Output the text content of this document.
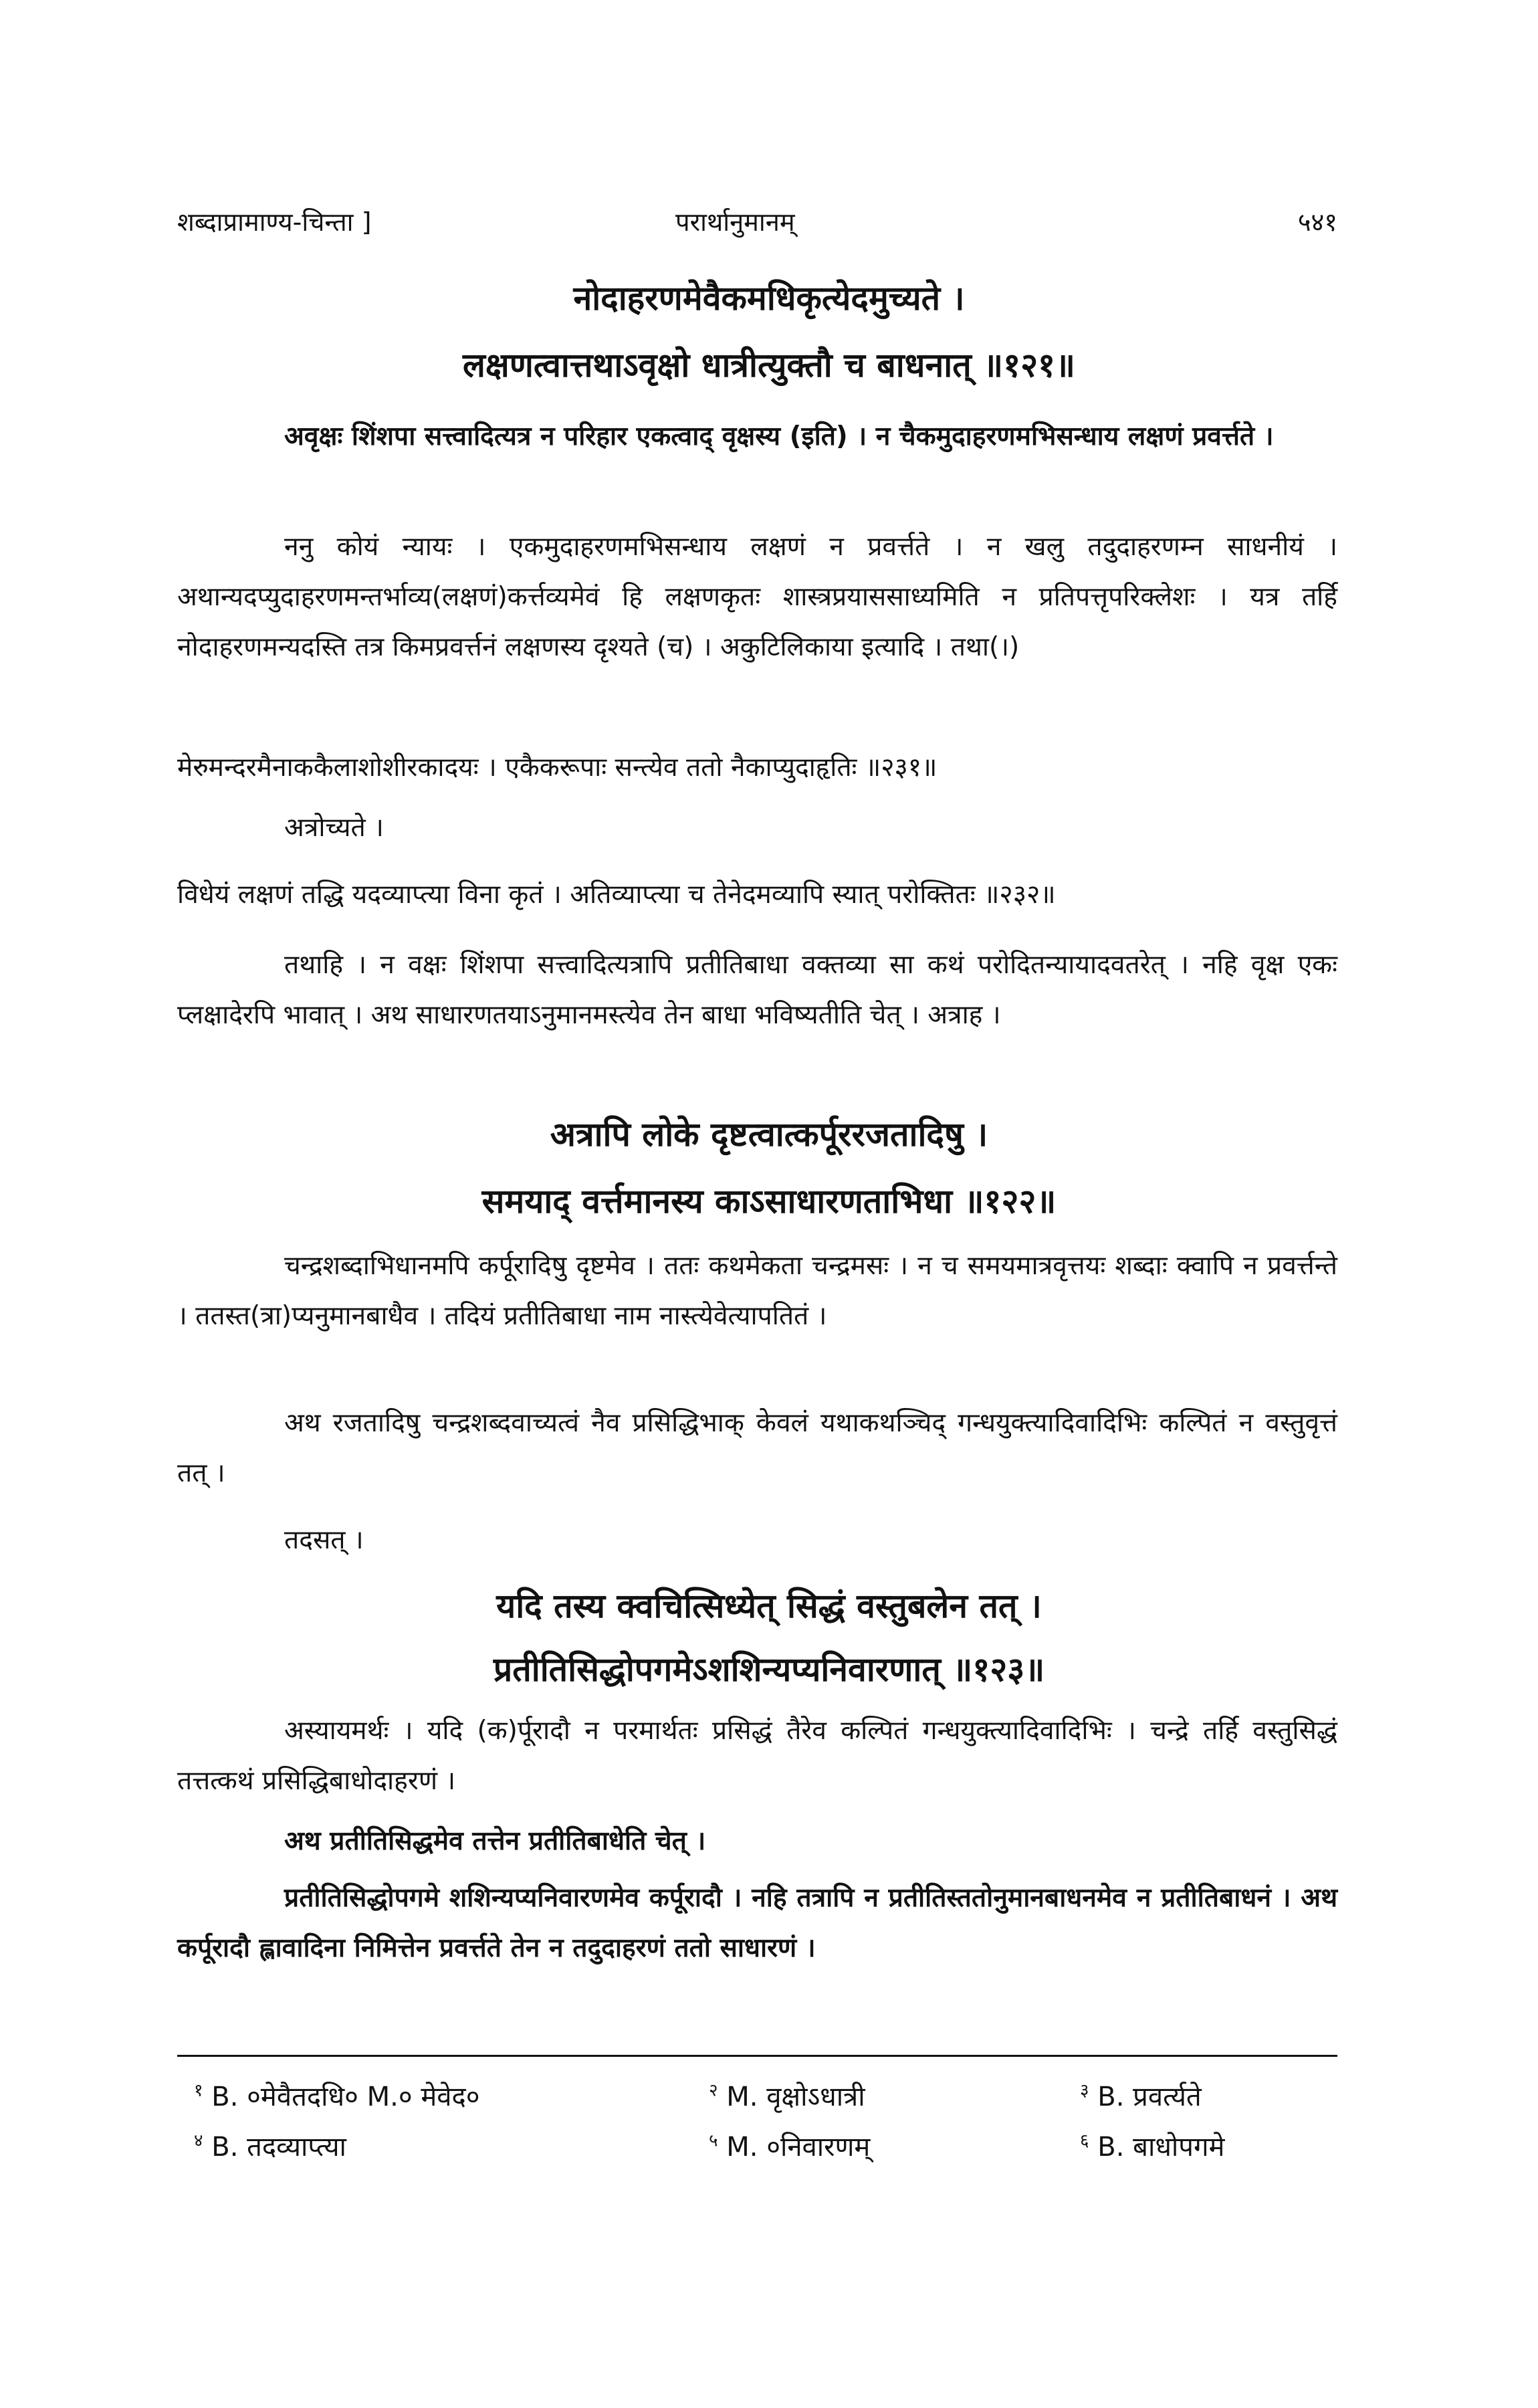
शब्दाप्रामाण्य-चिन्ता ]	परार्थानुमानम्	५४१
नोदाहरणमेवैकमधिकृत्येदमुच्यते ।
लक्षणत्वात्तथाऽवृक्षो धात्रीत्युक्तौ च बाधनात् ॥१२१॥
अवृक्षः शिंशपा सत्त्वादित्यत्र न परिहार एकत्वाद् वृक्षस्य (इति) । न चैकमुदाहरणमभिसन्धाय लक्षणं प्रवर्त्तते ।
ननु कोयं न्यायः । एकमुदाहरणमभिसन्धाय लक्षणं न प्रवर्त्तते । न खलु तदुदाहरणम्न साधनीयं । अथान्यदप्युदाहरणमन्तर्भाव्य(लक्षणं)कर्त्तव्यमेवं हि लक्षणकृतः शास्त्रप्रयाससाध्यमिति न प्रतिपत्तृपरिक्लेशः । यत्र तर्हि नोदाहरणमन्यदस्ति तत्र किमप्रवर्त्तनं लक्षणस्य दृश्यते (च) । अकुटिलिकाया इत्यादि । तथा(।)
मेरुमन्दरमैनाककैलाशोशीरकादयः । एकैकरूपाः सन्त्येव ततो नैकाप्युदाहृतिः ॥२३१॥
अत्रोच्यते ।
विधेयं लक्षणं तद्धि यदव्याप्त्या विना कृतं । अतिव्याप्त्या च तेनेदमव्यापि स्यात् परोक्तितः ॥२३२॥
तथाहि । न वक्षः शिंशपा सत्त्वादित्यत्रापि प्रतीतिबाधा वक्तव्या सा कथं परोदितन्यायादवतरेत् । नहि वृक्ष एकः प्लक्षादेरपि भावात् । अथ साधारणतयाऽनुमानमस्त्येव तेन बाधा भविष्यतीति चेत् । अत्राह ।
अत्रापि लोके दृष्टत्वात्कर्पूररजतादिषु ।
समयाद् वर्त्तमानस्य काऽसाधारणताभिधा ॥१२२॥
चन्द्रशब्दाभिधानमपि कर्पूरादिषु दृष्टमेव । ततः कथमेकता चन्द्रमसः । न च समयमात्रवृत्तयः शब्दाः क्वापि न प्रवर्त्तन्ते । ततस्त(त्रा)प्यनुमानबाधैव । तदियं प्रतीतिबाधा नाम नास्त्येवेत्यापतितं ।
अथ रजतादिषु चन्द्रशब्दवाच्यत्वं नैव प्रसिद्धिभाक् केवलं यथाकथञ्चिद् गन्धयुक्त्यादिवादिभिः कल्पितं न वस्तुवृत्तं तत् ।
तदसत् ।
यदि तस्य क्वचित्सिध्येत् सिद्धं वस्तुबलेन तत् ।
प्रतीतिसिद्धोपगमेऽशशिन्यप्यनिवारणात् ॥१२३॥
अस्यायमर्थः । यदि (क)र्पूरादौ न परमार्थतः प्रसिद्धं तैरेव कल्पितं गन्धयुक्त्यादिवादिभिः । चन्द्रे तर्हि वस्तुसिद्धं तत्तत्कथं प्रसिद्धिबाधोदाहरणं ।
अथ प्रतीतिसिद्धमेव तत्तेन प्रतीतिबाधेति चेत् ।
प्रतीतिसिद्धोपगमे शशिन्यप्यनिवारणमेव कर्पूरादौ । नहि तत्रापि न प्रतीतिस्ततोनुमानबाधनमेव न प्रतीतिबाधनं । अथ कर्पूरादौ ह्लावादिना निमित्तेन प्रवर्त्तते तेन न तदुदाहरणं ततो साधारणं ।
$^१$ B. ०मेवैतदधि० M.० मेवेद०	$^२$ M. वृक्षोऽधात्री	$^३$ B. प्रवर्त्यते
$^४$ B. तदव्याप्त्या	$^५$ M. ०निवारणम्	$^६$ B. बाधोपगमे
